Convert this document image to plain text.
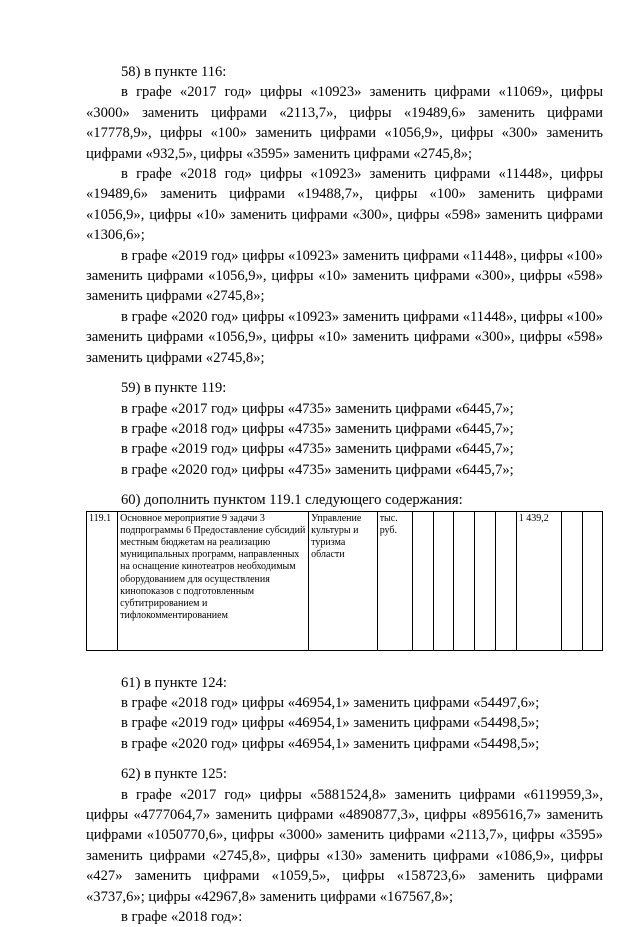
58) в пункте 116:

в графе «2017 год» цифры «10923» заменить цифрами «11069», цифры «3000» заменить цифрами «2113,7», цифры «19489,6» заменить цифрами «17778,9», цифры «100» заменить цифрами «1056,9», цифры «300» заменить цифрами «932,5», цифры «3595» заменить цифрами «2745,8»;

в графе «2018 год» цифры «10923» заменить цифрами «11448», цифры «19489,6» заменить цифрами «19488,7», цифры «100» заменить цифрами «1056,9», цифры «10» заменить цифрами «300», цифры «598» заменить цифрами «1306,6»;

в графе «2019 год» цифры «10923» заменить цифрами «11448», цифры «100» заменить цифрами «1056,9», цифры «10» заменить цифрами «300», цифры «598» заменить цифрами «2745,8»;

в графе «2020 год» цифры «10923» заменить цифрами «11448», цифры «100» заменить цифрами «1056,9», цифры «10» заменить цифрами «300», цифры «598» заменить цифрами «2745,8»;

59) в пункте 119:

в графе «2017 год» цифры «4735» заменить цифрами «6445,7»;

в графе «2018 год» цифры «4735» заменить цифрами «6445,7»;

в графе «2019 год» цифры «4735» заменить цифрами «6445,7»;

в графе «2020 год» цифры «4735» заменить цифрами «6445,7»;

60) дополнить пунктом 119.1 следующего содержания:

119.1	Основное мероприятие 9 задачи 3 подпрограммы 6 Предоставление субсидий местным бюджетам на реализацию муниципальных программ, направленных на оснащение кинотеатров необходимым оборудованием для осуществления кинопоказов с подготовленным субтитрированием и тифлокомментированием	Управление культуры и туризма области	тыс. руб.						1 439,2		

61) в пункте 124:

в графе «2018 год» цифры «46954,1» заменить цифрами «54497,6»;

в графе «2019 год» цифры «46954,1» заменить цифрами «54498,5»;

в графе «2020 год» цифры «46954,1» заменить цифрами «54498,5»;

62) в пункте 125:

в графе «2017 год» цифры «5881524,8» заменить цифрами «6119959,3», цифры «4777064,7» заменить цифрами «4890877,3», цифры «895616,7» заменить цифрами «1050770,6», цифры «3000» заменить цифрами «2113,7», цифры «3595» заменить цифрами «2745,8», цифры «130» заменить цифрами «1086,9», цифры «427» заменить цифрами «1059,5», цифры «158723,6» заменить цифрами «3737,6»; цифры «42967,8» заменить цифрами «167567,8»;

в графе «2018 год»:
